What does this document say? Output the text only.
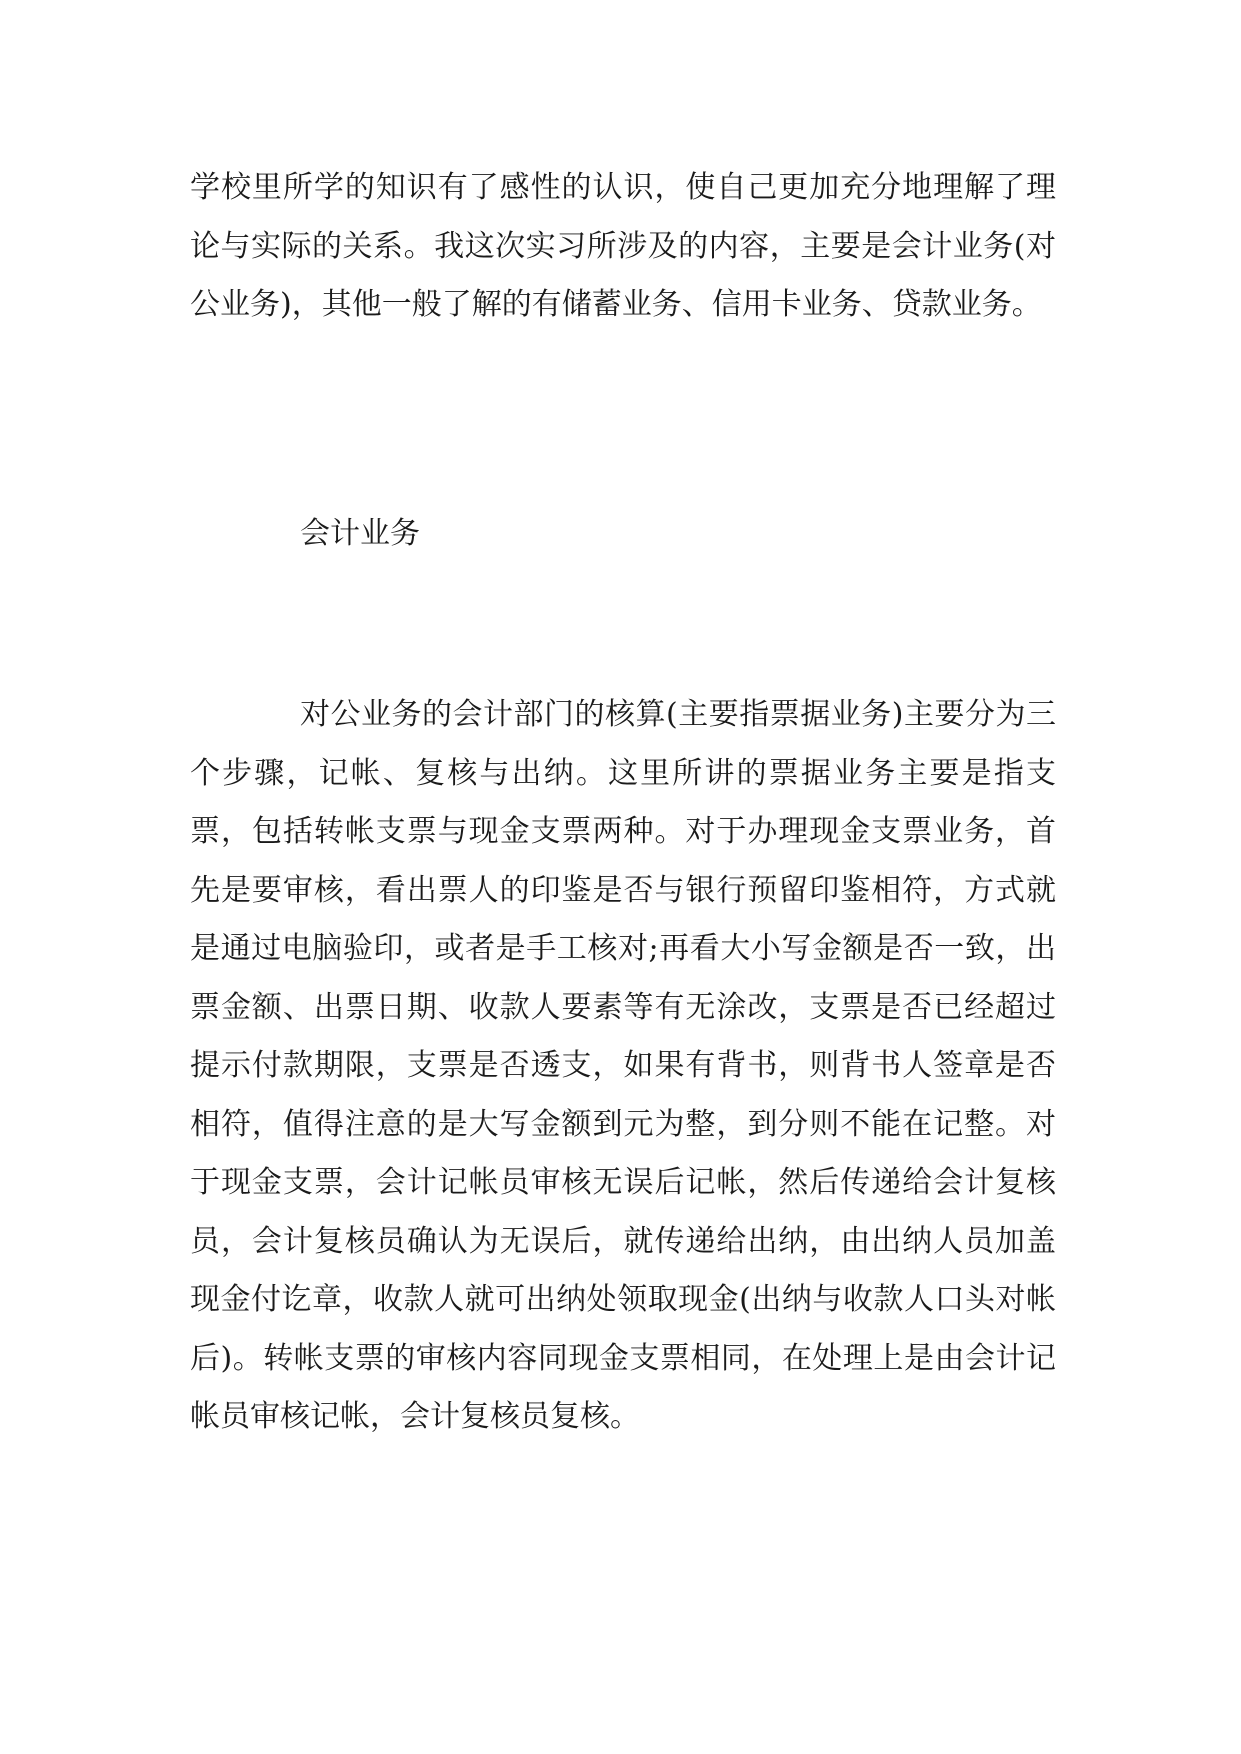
学校里所学的知识有了感性的认识，使自己更加充分地理解了理论与实际的关系。我这次实习所涉及的内容，主要是会计业务(对公业务)，其他一般了解的有储蓄业务、信用卡业务、贷款业务。

会计业务

对公业务的会计部门的核算(主要指票据业务)主要分为三个步骤，记帐、复核与出纳。这里所讲的票据业务主要是指支票，包括转帐支票与现金支票两种。对于办理现金支票业务，首先是要审核，看出票人的印鉴是否与银行预留印鉴相符，方式就是通过电脑验印，或者是手工核对;再看大小写金额是否一致，出票金额、出票日期、收款人要素等有无涂改，支票是否已经超过提示付款期限，支票是否透支，如果有背书，则背书人签章是否相符，值得注意的是大写金额到元为整，到分则不能在记整。对于现金支票，会计记帐员审核无误后记帐，然后传递给会计复核员，会计复核员确认为无误后，就传递给出纳，由出纳人员加盖现金付讫章，收款人就可出纳处领取现金(出纳与收款人口头对帐后)。转帐支票的审核内容同现金支票相同，在处理上是由会计记帐员审核记帐，会计复核员复核。
